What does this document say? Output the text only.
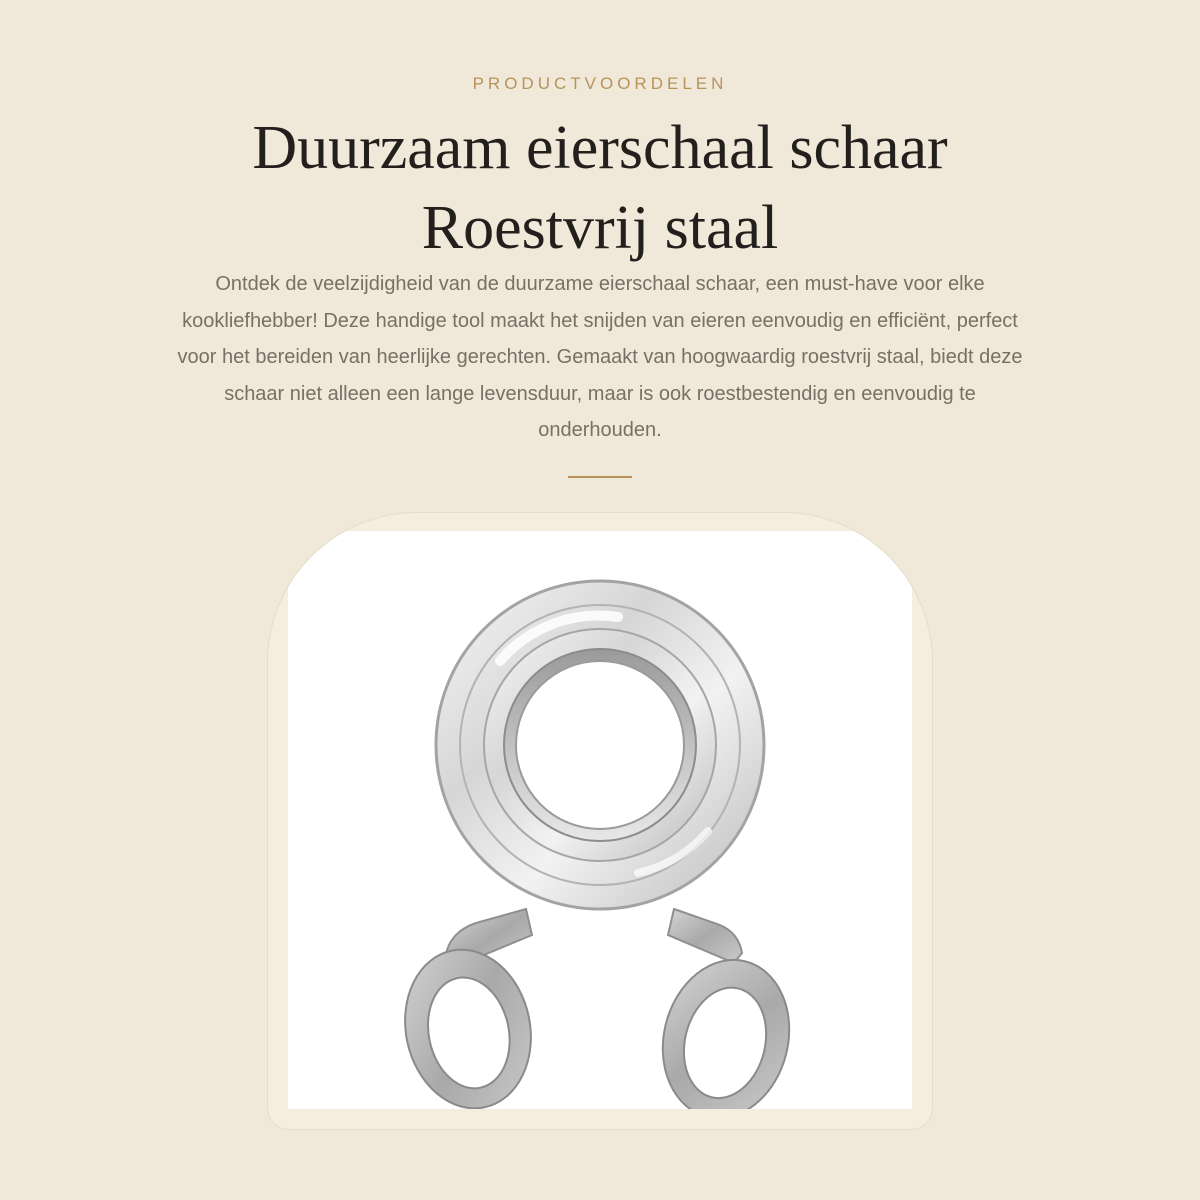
PRODUCTVOORDELEN
Duurzaam eierschaal schaar Roestvrij staal

Ontdek de veelzijdigheid van de duurzame eierschaal schaar, een must-have voor elke kookliefhebber! Deze handige tool maakt het snijden van eieren eenvoudig en efficiënt, perfect voor het bereiden van heerlijke gerechten. Gemaakt van hoogwaardig roestvrij staal, biedt deze schaar niet alleen een lange levensduur, maar is ook roestbestendig en eenvoudig te onderhouden.
